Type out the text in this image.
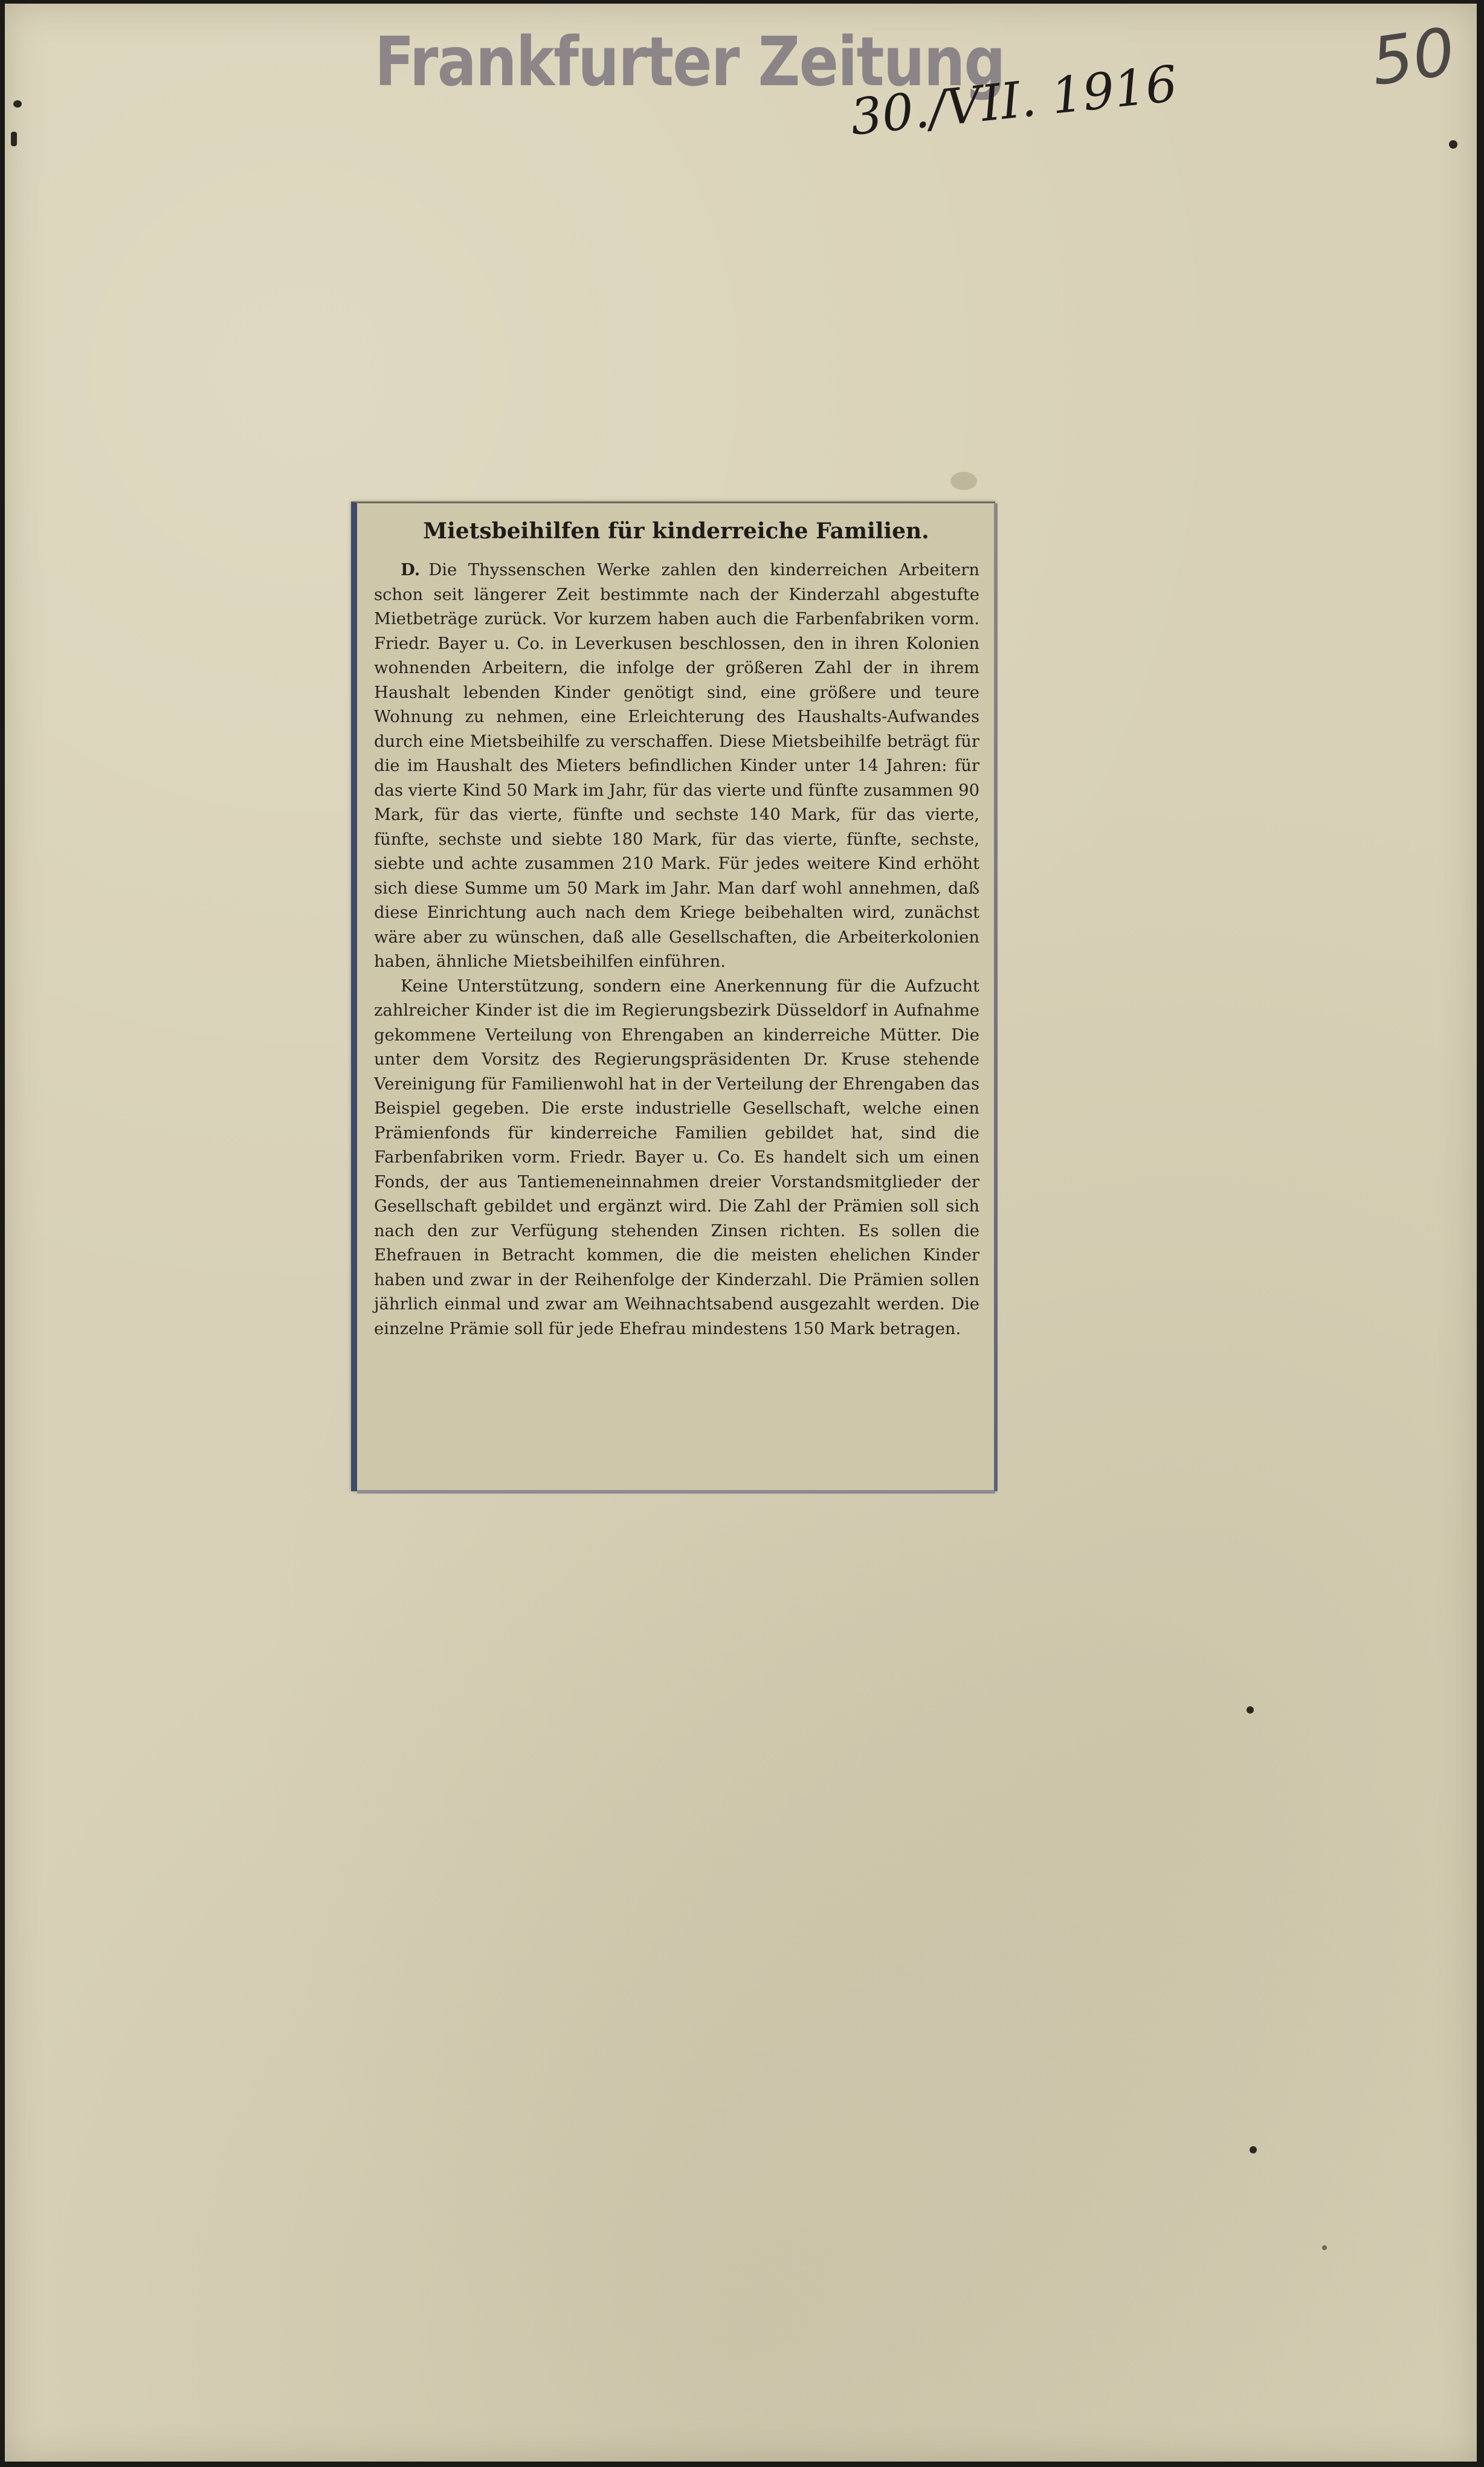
Frankfurter Zeitung
30./VII. 1916	50
Mietsbeihilfen für kinderreiche Familien.

D. Die Thyssenschen Werke zahlen den kinderreichen Arbeitern schon seit längerer Zeit bestimmte nach der Kinderzahl abgestufte Mietbeträge zurück. Vor kurzem haben auch die Farbenfabriken vorm. Friedr. Bayer u. Co. in Leverkusen beschlossen, den in ihren Kolonien wohnenden Arbeitern, die infolge der größeren Zahl der in ihrem Haushalt lebenden Kinder genötigt sind, eine größere und teure Wohnung zu nehmen, eine Erleichterung des Haushalts-Aufwandes durch eine Mietsbeihilfe zu verschaffen. Diese Mietsbeihilfe beträgt für die im Haushalt des Mieters befindlichen Kinder unter 14 Jahren: für das vierte Kind 50 Mark im Jahr, für das vierte und fünfte zusammen 90 Mark, für das vierte, fünfte und sechste 140 Mark, für das vierte, fünfte, sechste und siebte 180 Mark, für das vierte, fünfte, sechste, siebte und achte zusammen 210 Mark. Für jedes weitere Kind erhöht sich diese Summe um 50 Mark im Jahr. Man darf wohl annehmen, daß diese Einrichtung auch nach dem Kriege beibehalten wird, zunächst wäre aber zu wünschen, daß alle Gesellschaften, die Arbeiterkolonien haben, ähnliche Mietsbeihilfen einführen.

Keine Unterstützung, sondern eine Anerkennung für die Aufzucht zahlreicher Kinder ist die im Regierungsbezirk Düsseldorf in Aufnahme gekommene Verteilung von Ehrengaben an kinderreiche Mütter. Die unter dem Vorsitz des Regierungspräsidenten Dr. Kruse stehende Vereinigung für Familienwohl hat in der Verteilung der Ehrengaben das Beispiel gegeben. Die erste industrielle Gesellschaft, welche einen Prämienfonds für kinderreiche Familien gebildet hat, sind die Farbenfabriken vorm. Friedr. Bayer u. Co. Es handelt sich um einen Fonds, der aus Tantiemeneinnahmen dreier Vorstandsmitglieder der Gesellschaft gebildet und ergänzt wird. Die Zahl der Prämien soll sich nach den zur Verfügung stehenden Zinsen richten. Es sollen die Ehefrauen in Betracht kommen, die die meisten ehelichen Kinder haben und zwar in der Reihenfolge der Kinderzahl. Die Prämien sollen jährlich einmal und zwar am Weihnachtsabend ausgezahlt werden. Die einzelne Prämie soll für jede Ehefrau mindestens 150 Mark betragen.
